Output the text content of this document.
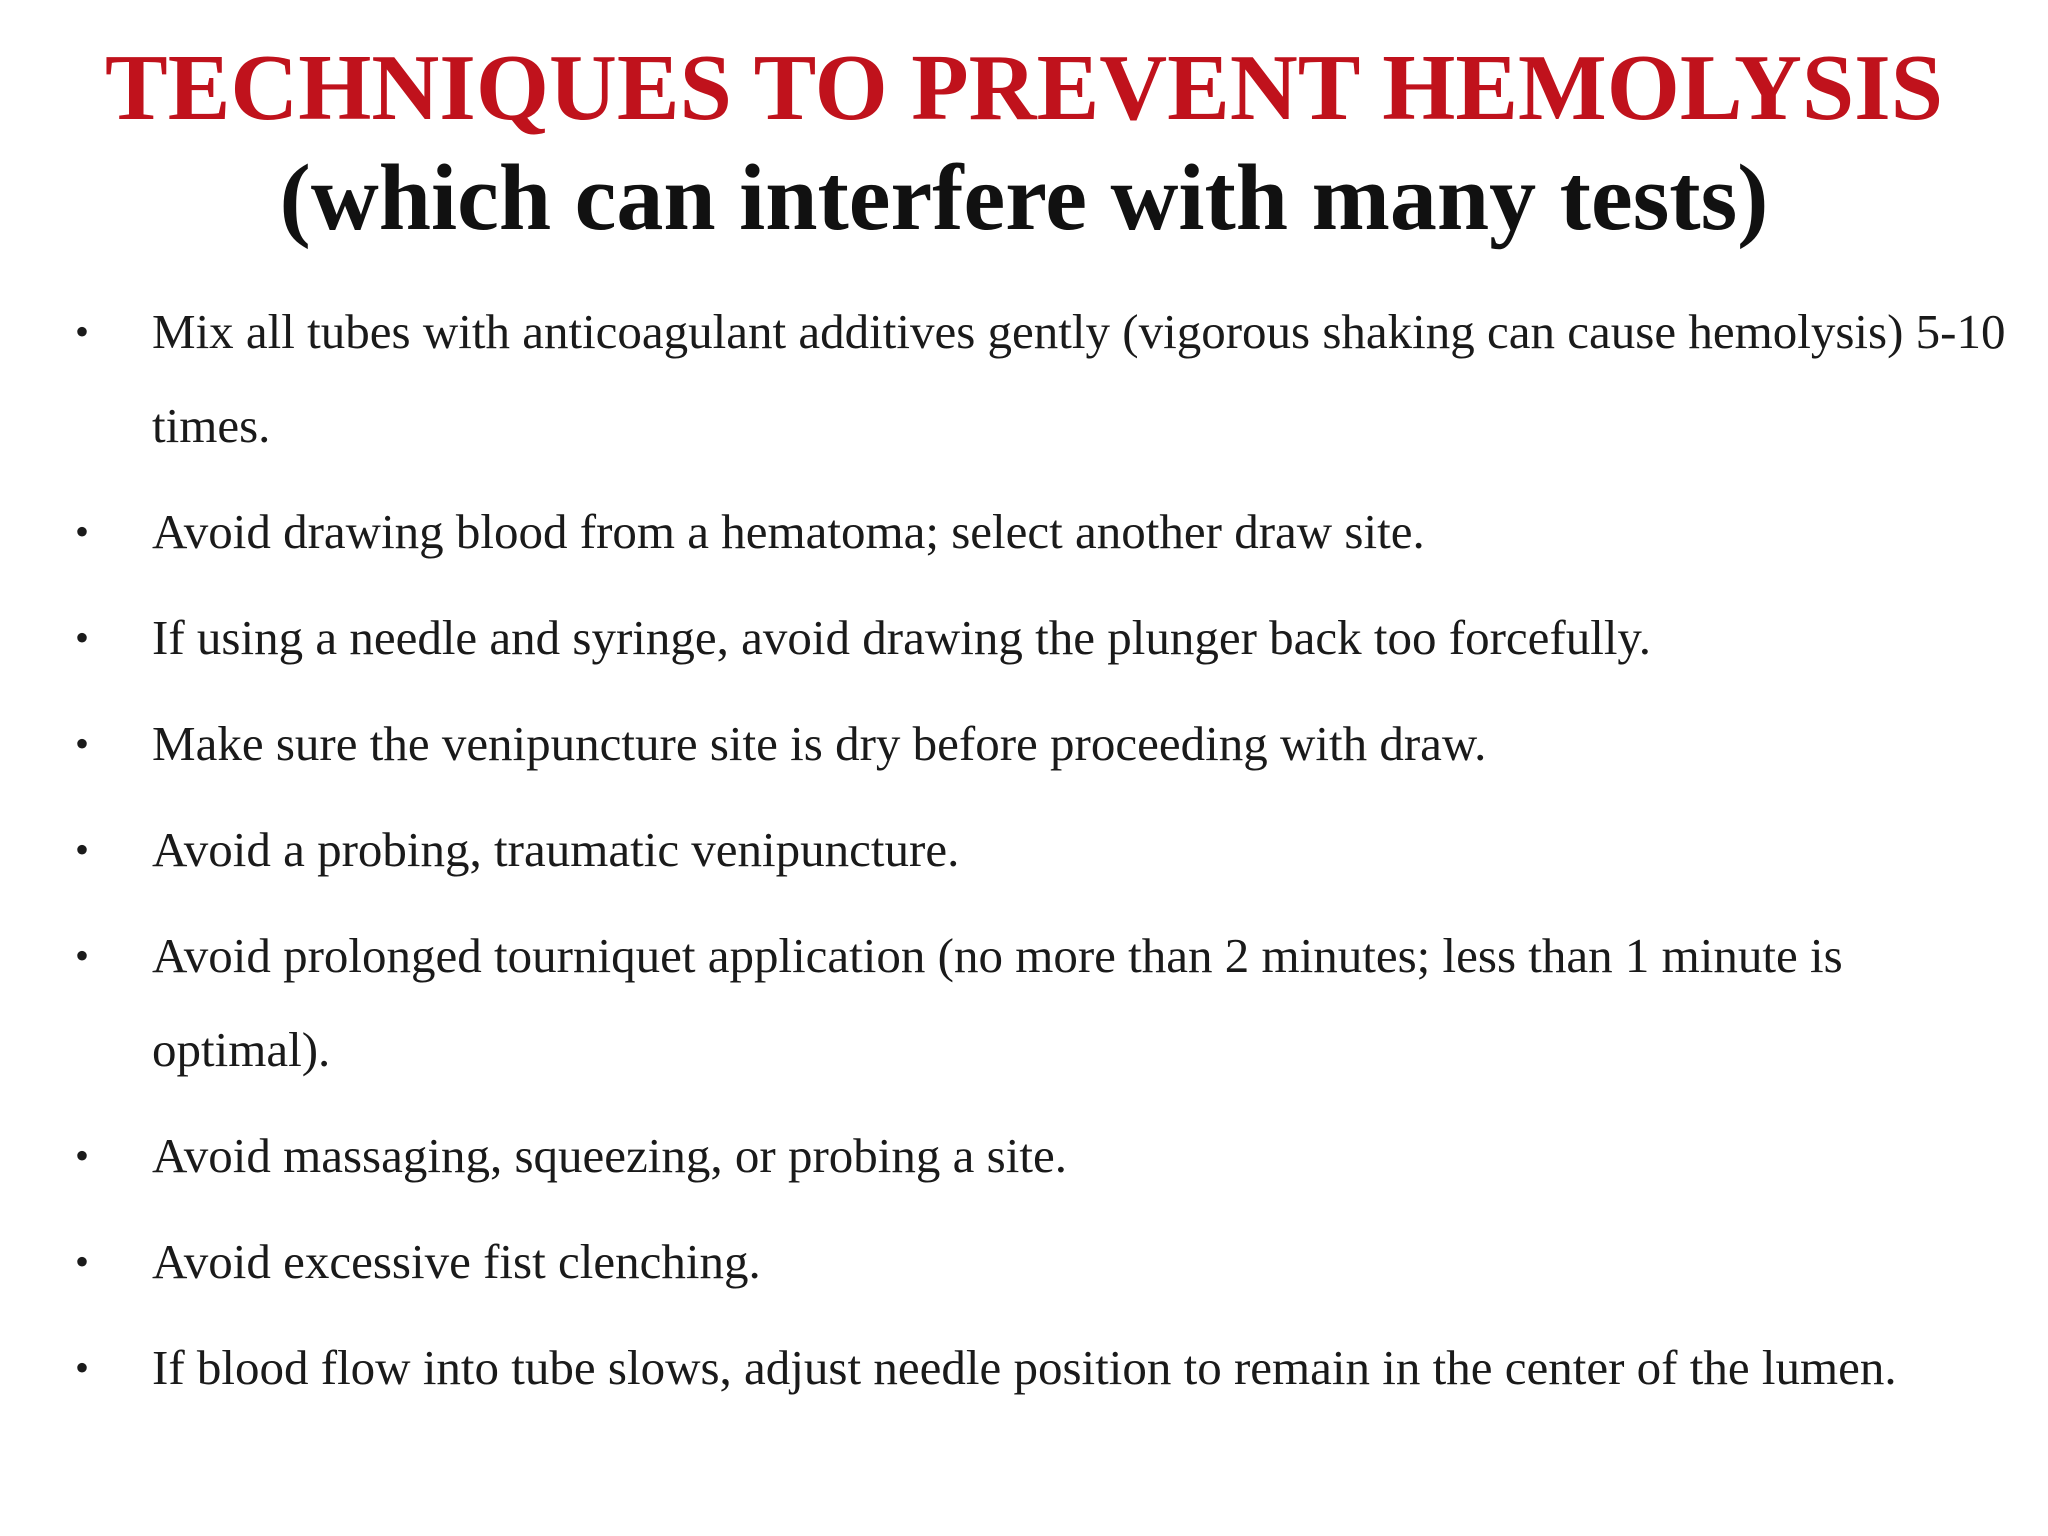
TECHNIQUES TO PREVENT HEMOLYSIS
(which can interfere with many tests)
• Mix all tubes with anticoagulant additives gently (vigorous shaking can cause hemolysis) 5-10 times.
• Avoid drawing blood from a hematoma; select another draw site.
• If using a needle and syringe, avoid drawing the plunger back too forcefully.
• Make sure the venipuncture site is dry before proceeding with draw.
• Avoid a probing, traumatic venipuncture.
• Avoid prolonged tourniquet application (no more than 2 minutes; less than 1 minute is optimal).
• Avoid massaging, squeezing, or probing a site.
• Avoid excessive fist clenching.
• If blood flow into tube slows, adjust needle position to remain in the center of the lumen.
